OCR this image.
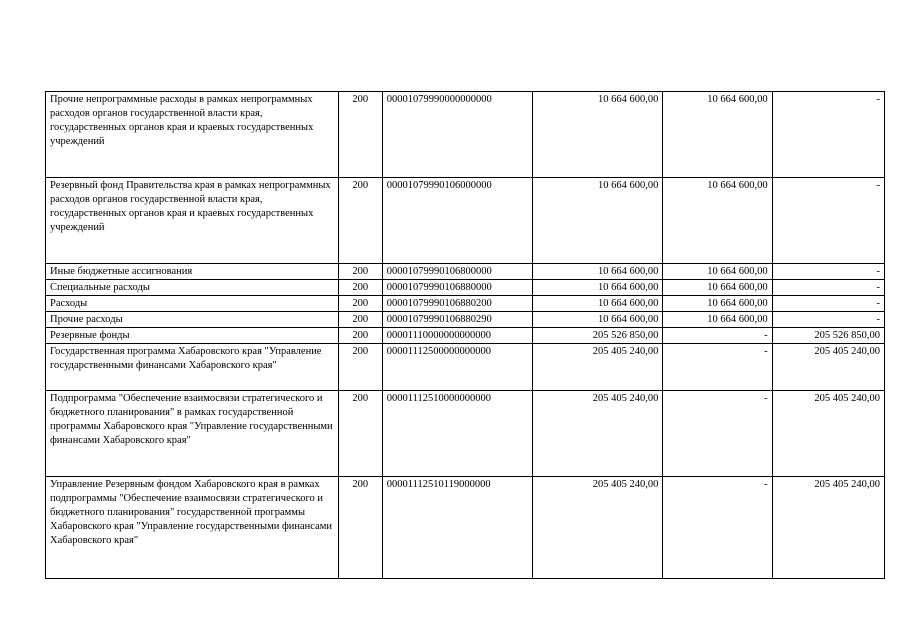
Прочие непрограммные расходы в рамках непрограммных расходов органов государственной власти края, государственных органов края и краевых государственных учреждений	200	00001079990000000000	10 664 600,00	10 664 600,00	-
Резервный фонд Правительства края в рамках непрограммных расходов органов государственной власти края, государственных органов края и краевых государственных учреждений	200	00001079990106000000	10 664 600,00	10 664 600,00	-
Иные бюджетные ассигнования	200	00001079990106800000	10 664 600,00	10 664 600,00	-
Специальные расходы	200	00001079990106880000	10 664 600,00	10 664 600,00	-
Расходы	200	00001079990106880200	10 664 600,00	10 664 600,00	-
Прочие расходы	200	00001079990106880290	10 664 600,00	10 664 600,00	-
Резервные фонды	200	00001110000000000000	205 526 850,00	-	205 526 850,00
Государственная программа Хабаровского края "Управление государственными финансами Хабаровского края"	200	00001112500000000000	205 405 240,00	-	205 405 240,00
Подпрограмма "Обеспечение взаимосвязи стратегического и бюджетного планирования" в рамках государственной программы Хабаровского края "Управление государственными финансами Хабаровского края"	200	00001112510000000000	205 405 240,00	-	205 405 240,00
Управление Резервным фондом Хабаровского края в рамках подпрограммы "Обеспечение взаимосвязи стратегического и бюджетного планирования" государственной программы Хабаровского края "Управление государственными финансами Хабаровского края"	200	00001112510119000000	205 405 240,00	-	205 405 240,00
